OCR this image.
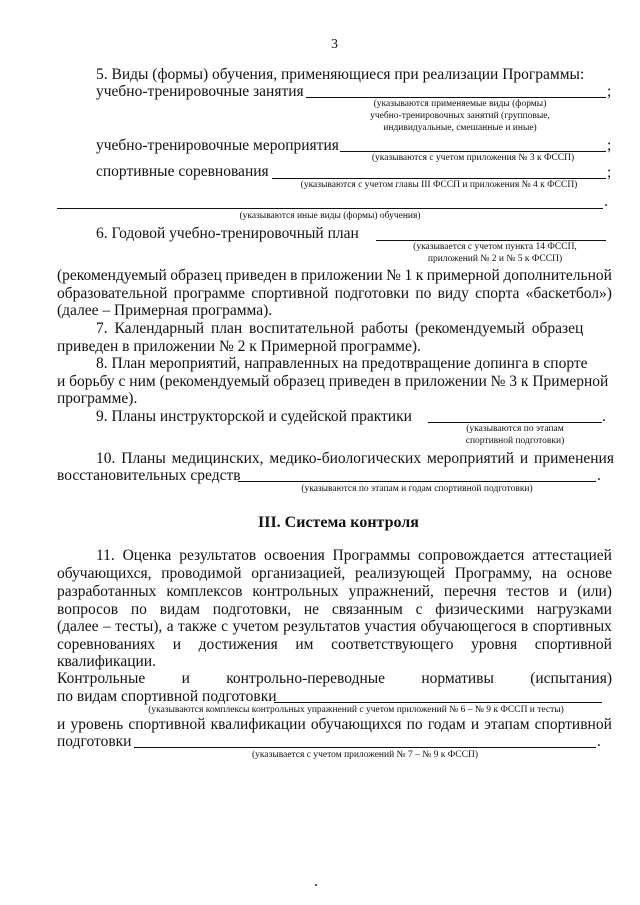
3
5. Виды (формы) обучения, применяющиеся при реализации Программы:
учебно-тренировочные занятия	;
(указываются применяемые виды (формы)
учебно-тренировочных занятий (групповые,
индивидуальные, смешанные и иные)
учебно-тренировочные мероприятия	;
(указываются с учетом приложения № 3 к ФССП)
спортивные соревнования	;
(указываются с учетом главы III ФССП и приложения № 4 к ФССП)
.
(указываются иные виды (формы) обучения)
6. Годовой учебно-тренировочный план
(указывается с учетом пункта 14 ФССП,
приложений № 2 и № 5 к ФССП)
(рекомендуемый образец приведен в приложении № 1 к примерной дополнительной
образовательной программе спортивной подготовки по виду спорта «баскетбол»)
(далее – Примерная программа).
7. Календарный план воспитательной работы (рекомендуемый образец
приведен в приложении № 2 к Примерной программе).
8. План мероприятий, направленных на предотвращение допинга в спорте
и борьбу с ним (рекомендуемый образец приведен в приложении № 3 к Примерной
программе).
9. Планы инструкторской и судейской практики	.
(указываются по этапам
спортивной подготовки)
10. Планы медицинских, медико-биологических мероприятий и применения
восстановительных средств	.
(указываются по этапам и годам спортивной подготовки)
III. Система контроля
11. Оценка результатов освоения Программы сопровождается аттестацией
обучающихся, проводимой организацией, реализующей Программу, на основе
разработанных комплексов контрольных упражнений, перечня тестов и (или)
вопросов по видам подготовки, не связанным с физическими нагрузками
(далее – тесты), а также с учетом результатов участия обучающегося в спортивных
соревнованиях и достижения им соответствующего уровня спортивной
квалификации.
Контрольные и контрольно-переводные нормативы (испытания)
по видам спортивной подготовки
(указываются комплексы контрольных упражнений с учетом приложений № 6 – № 9 к ФССП и тесты)
и уровень спортивной квалификации обучающихся по годам и этапам спортивной
подготовки	.
(указывается с учетом приложений № 7 – № 9 к ФССП)
